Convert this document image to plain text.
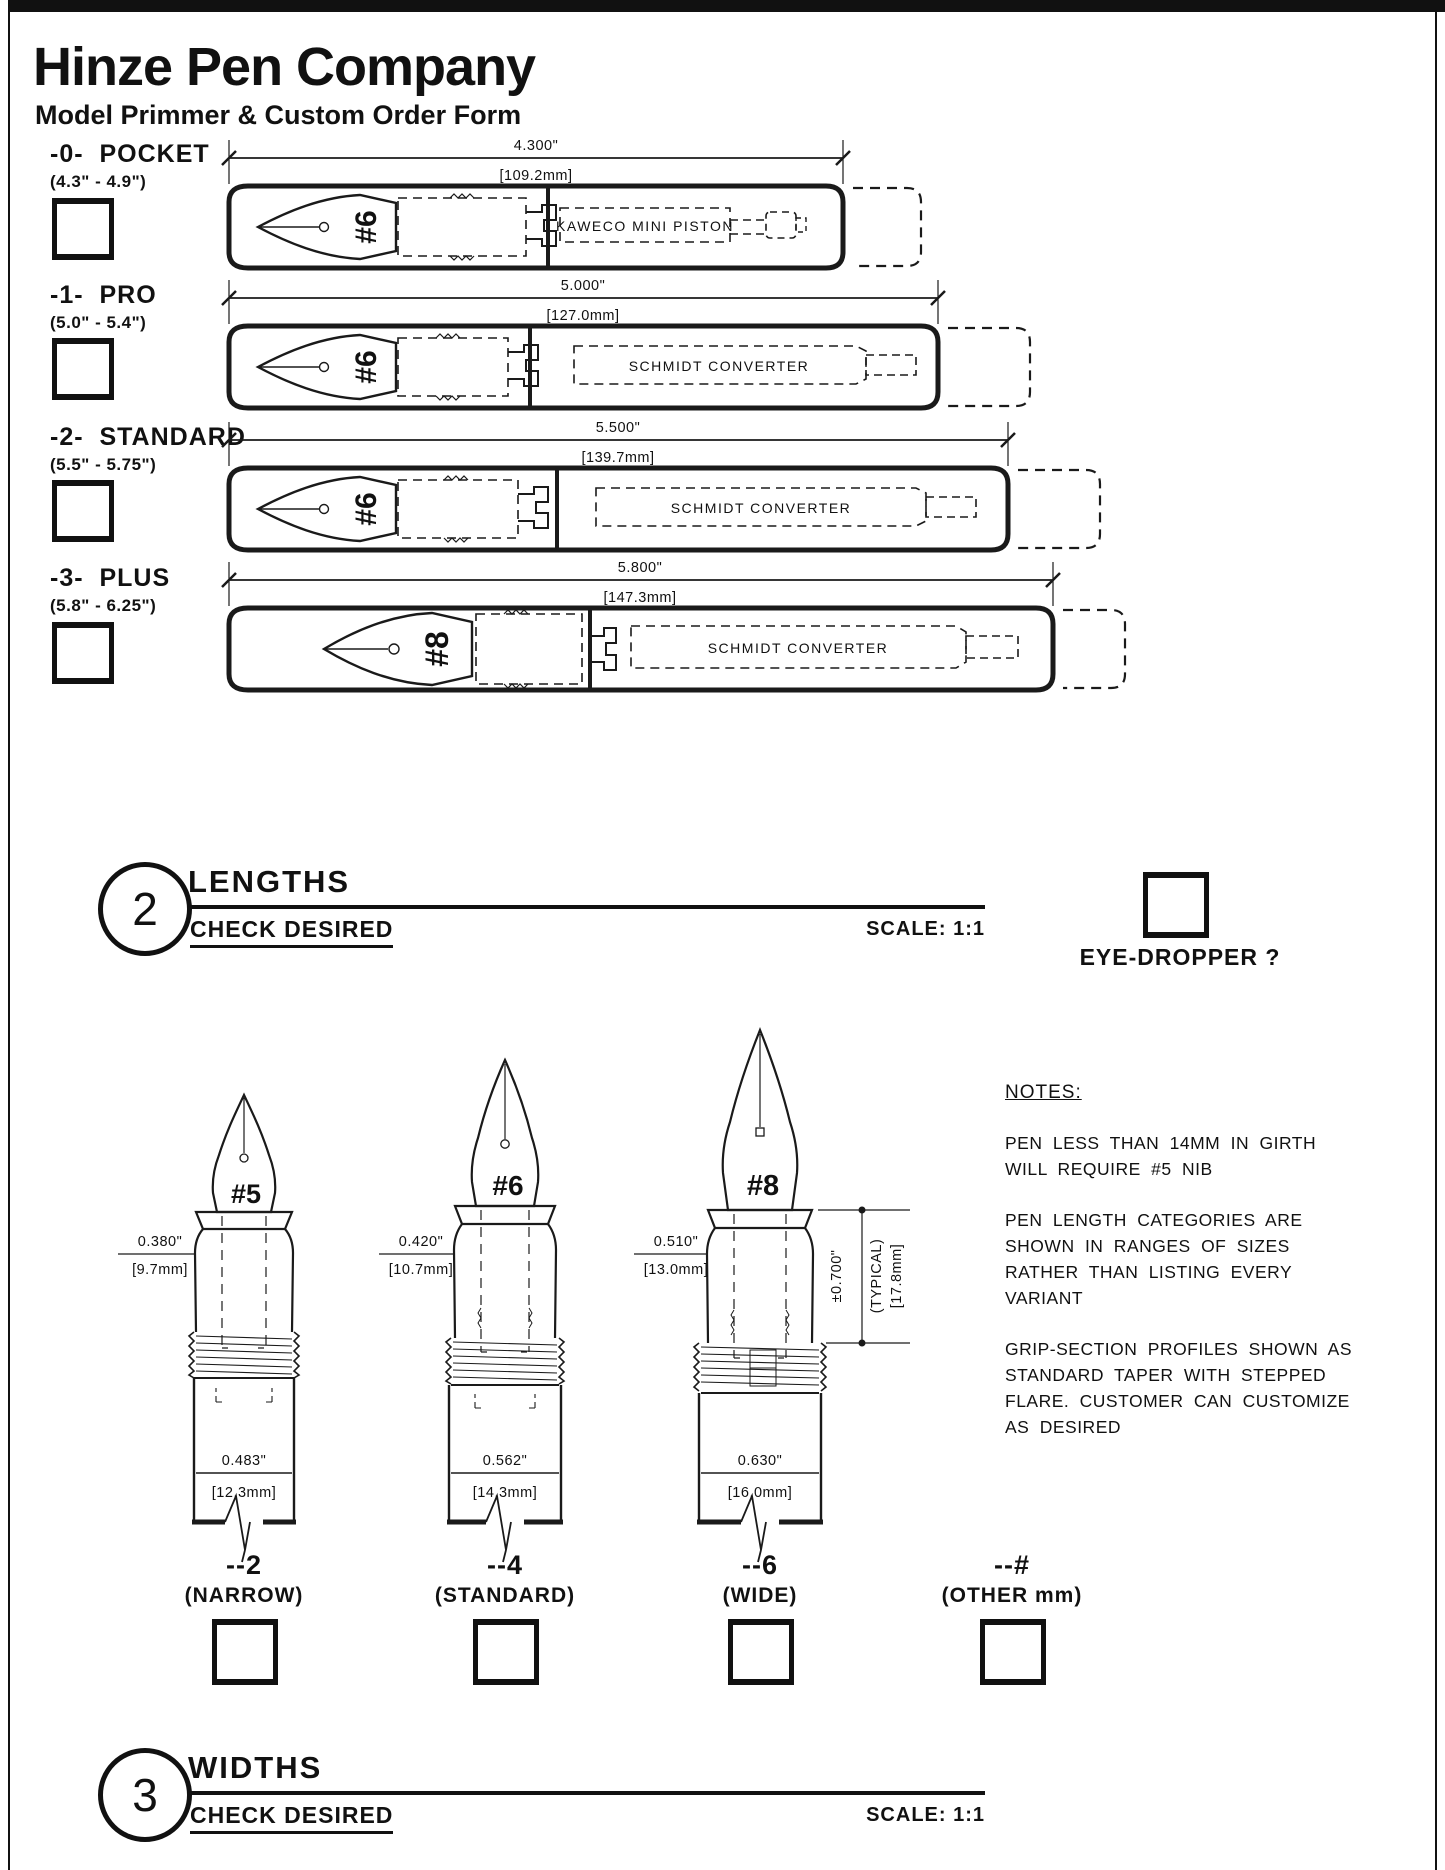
Hinze Pen Company
Model Primmer & Custom Order Form
-0- POCKET
(4.3" - 4.9")
-1- PRO
(5.0" - 5.4")
-2- STANDARD
(5.5" - 5.75")
-3- PLUS
(5.8" - 6.25")
4.300"
[109.2mm]
#6	KAWECO MINI PISTON
5.000"
[127.0mm]
#6	SCHMIDT CONVERTER
5.500"
[139.7mm]
#6	SCHMIDT CONVERTER
5.800"
[147.3mm]
#8	SCHMIDT CONVERTER
2
LENGTHS
CHECK DESIRED	SCALE: 1:1
EYE-DROPPER ?
#5
0.380"
[9.7mm]
0.483"
[12.3mm]
#6
0.420"
[10.7mm]
0.562"
[14.3mm]
#8
0.510"
[13.0mm]
0.630"
[16.0mm]
±0.700" (TYPICAL) [17.8mm]
NOTES:
PEN LESS THAN 14MM IN GIRTH WILL REQUIRE #5 NIB
PEN LENGTH CATEGORIES ARE SHOWN IN RANGES OF SIZES RATHER THAN LISTING EVERY VARIANT
GRIP-SECTION PROFILES SHOWN AS STANDARD TAPER WITH STEPPED FLARE. CUSTOMER CAN CUSTOMIZE AS DESIRED
--2
(NARROW)
--4
(STANDARD)
--6
(WIDE)
--#
(OTHER mm)
3
WIDTHS
CHECK DESIRED	SCALE: 1:1
